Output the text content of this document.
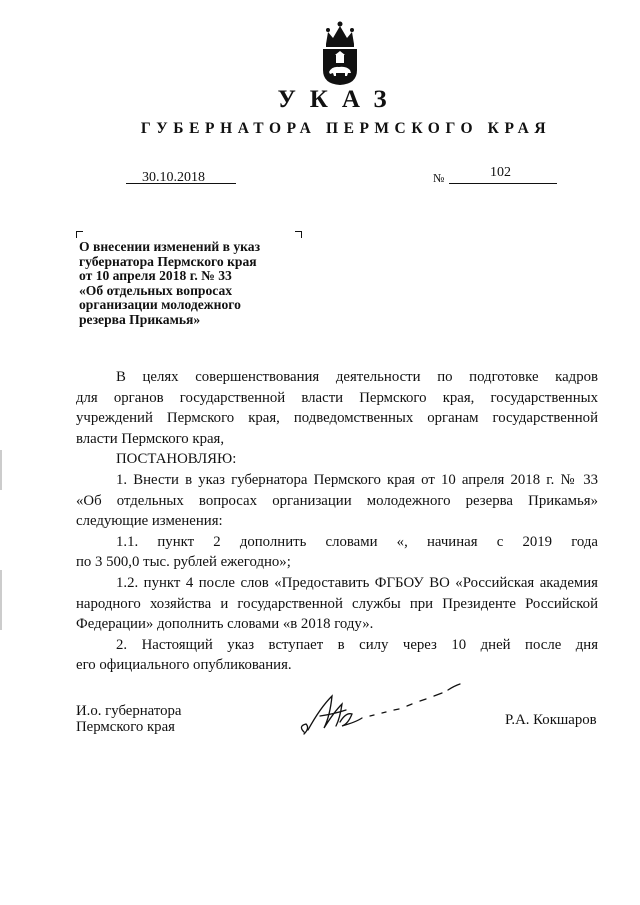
УКАЗ
ГУБЕРНАТОРА ПЕРМСКОГО КРАЯ
30.10.2018	№	102
О внесении изменений в указ
губернатора Пермского края
от 10 апреля 2018 г. № 33
«Об отдельных вопросах
организации молодежного
резерва Прикамья»
В целях совершенствования деятельности по подготовке кадров
для органов государственной власти Пермского края, государственных
учреждений Пермского края, подведомственных органам государственной
власти Пермского края,
ПОСТАНОВЛЯЮ:
1. Внести в указ губернатора Пермского края от 10 апреля 2018 г. № 33
«Об отдельных вопросах организации молодежного резерва Прикамья»
следующие изменения:
1.1. пункт 2 дополнить словами «, начиная с 2019 года
по 3 500,0 тыс. рублей ежегодно»;
1.2. пункт 4 после слов «Предоставить ФГБОУ ВО «Российская академия
народного хозяйства и государственной службы при Президенте Российской
Федерации» дополнить словами «в 2018 году».
2. Настоящий указ вступает в силу через 10 дней после дня
его официального опубликования.
И.о. губернатора
Пермского края	Р.А. Кокшаров
